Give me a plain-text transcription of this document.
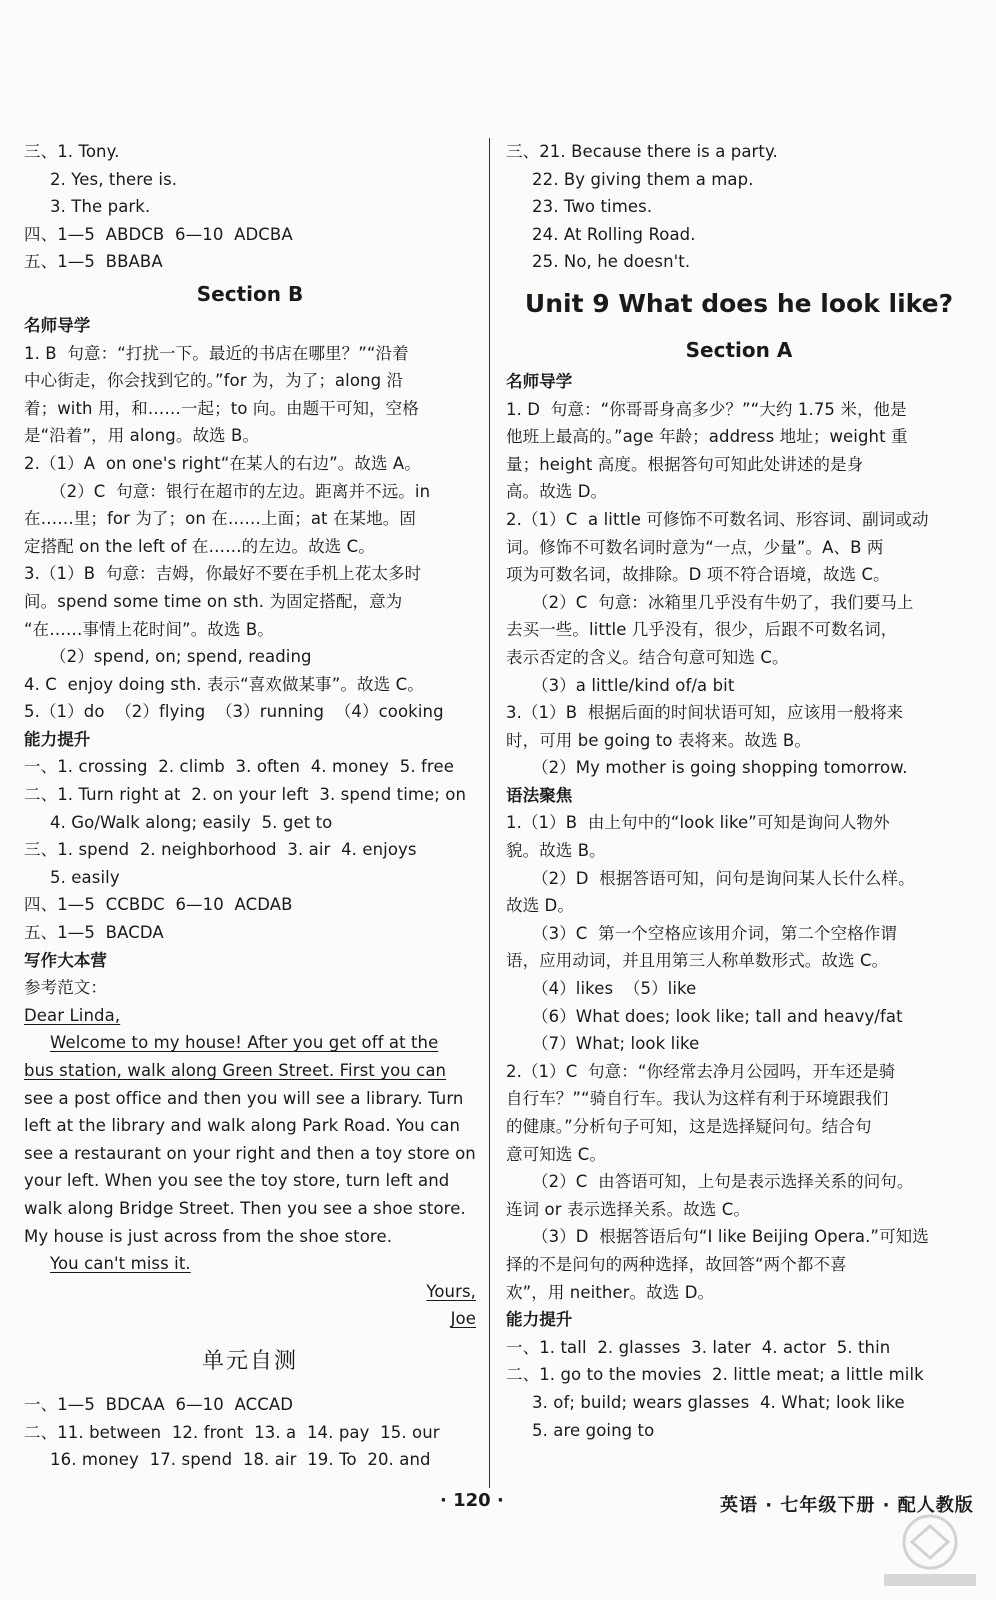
三、1. Tony.
2. Yes, there is.
3. The park.
四、1—5  ABDCB  6—10  ADCBA
五、1—5  BBABA
Section B
名师导学
1. B  句意：“打扰一下。最近的书店在哪里？”“沿着
中心街走，你会找到它的。”for 为，为了；along 沿
着；with 用，和……一起；to 向。由题干可知，空格
是“沿着”，用 along。故选 B。
2.（1）A  on one's right“在某人的右边”。故选 A。
（2）C  句意：银行在超市的左边。距离并不远。in
在……里；for 为了；on 在……上面；at 在某地。固
定搭配 on the left of 在……的左边。故选 C。
3.（1）B  句意：吉姆，你最好不要在手机上花太多时
间。spend some time on sth. 为固定搭配，意为
“在……事情上花时间”。故选 B。
（2）spend, on; spend, reading
4. C  enjoy doing sth. 表示“喜欢做某事”。故选 C。
5.（1）do  （2）flying  （3）running  （4）cooking
能力提升
一、1. crossing  2. climb  3. often  4. money  5. free
二、1. Turn right at  2. on your left  3. spend time; on
4. Go/Walk along; easily  5. get to
三、1. spend  2. neighborhood  3. air  4. enjoys
5. easily
四、1—5  CCBDC  6—10  ACDAB
五、1—5  BACDA
写作大本营
参考范文：
Dear Linda,
Welcome to my house! After you get off at the
bus station, walk along Green Street. First you can
see a post office and then you will see a library. Turn
left at the library and walk along Park Road. You can
see a restaurant on your right and then a toy store on
your left. When you see the toy store, turn left and
walk along Bridge Street. Then you see a shoe store.
My house is just across from the shoe store.
You can't miss it.
Yours,
Joe
单元自测
一、1—5  BDCAA  6—10  ACCAD
二、11. between  12. front  13. a  14. pay  15. our
16. money  17. spend  18. air  19. To  20. and
三、21. Because there is a party.
22. By giving them a map.
23. Two times.
24. At Rolling Road.
25. No, he doesn't.
Unit 9 What does he look like?
Section A
名师导学
1. D  句意：“你哥哥身高多少？”“大约 1.75 米，他是
他班上最高的。”age 年龄；address 地址；weight 重
量；height 高度。根据答句可知此处讲述的是身
高。故选 D。
2.（1）C  a little 可修饰不可数名词、形容词、副词或动
词。修饰不可数名词时意为“一点，少量”。A、B 两
项为可数名词，故排除。D 项不符合语境，故选 C。
（2）C  句意：冰箱里几乎没有牛奶了，我们要马上
去买一些。little 几乎没有，很少，后跟不可数名词，
表示否定的含义。结合句意可知选 C。
（3）a little/kind of/a bit
3.（1）B  根据后面的时间状语可知，应该用一般将来
时，可用 be going to 表将来。故选 B。
（2）My mother is going shopping tomorrow.
语法聚焦
1.（1）B  由上句中的“look like”可知是询问人物外
貌。故选 B。
（2）D  根据答语可知，问句是询问某人长什么样。
故选 D。
（3）C  第一个空格应该用介词，第二个空格作谓
语，应用动词，并且用第三人称单数形式。故选 C。
（4）likes  （5）like
（6）What does; look like; tall and heavy/fat
（7）What; look like
2.（1）C  句意：“你经常去净月公园吗，开车还是骑
自行车？”“骑自行车。我认为这样有利于环境跟我们
的健康。”分析句子可知，这是选择疑问句。结合句
意可知选 C。
（2）C  由答语可知，上句是表示选择关系的问句。
连词 or 表示选择关系。故选 C。
（3）D  根据答语后句“I like Beijing Opera.”可知选
择的不是问句的两种选择，故回答“两个都不喜
欢”，用 neither。故选 D。
能力提升
一、1. tall  2. glasses  3. later  4. actor  5. thin
二、1. go to the movies  2. little meat; a little milk
3. of; build; wears glasses  4. What; look like
5. are going to
· 120 ·	英语 · 七年级下册 · 配人教版
